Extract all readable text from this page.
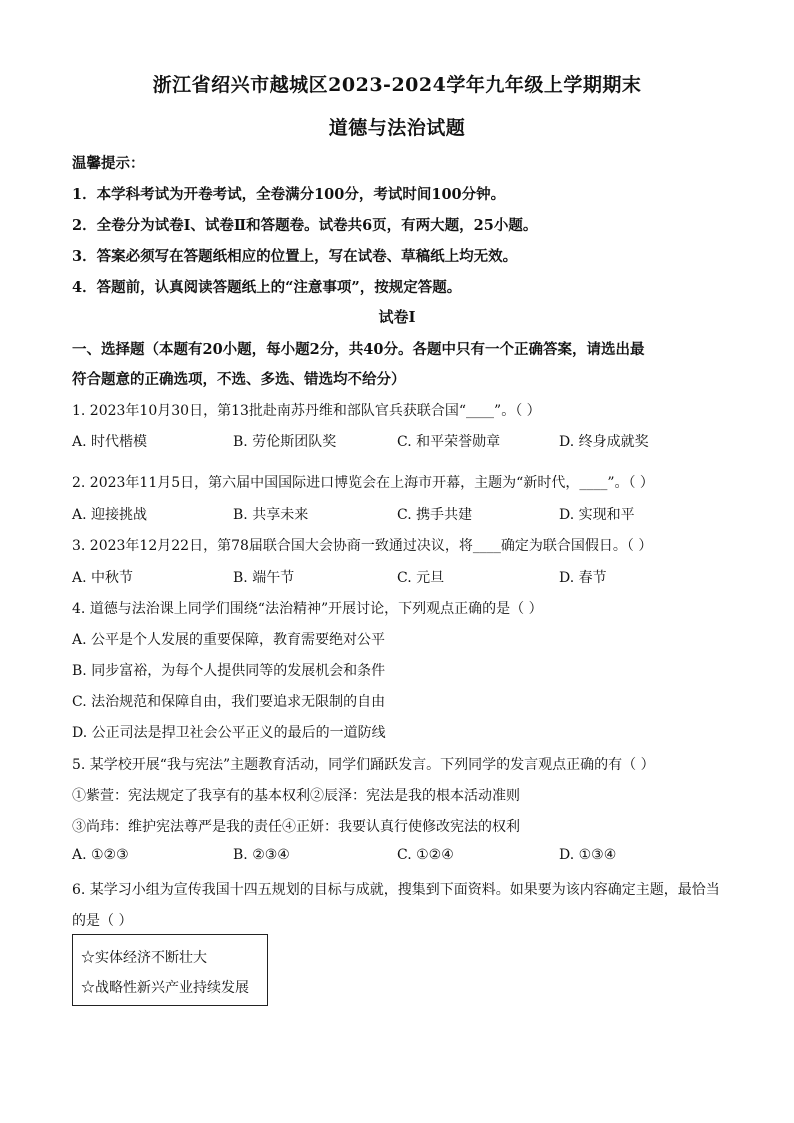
浙江省绍兴市越城区2023-2024学年九年级上学期期末
道德与法治试题
温馨提示：
1．本学科考试为开卷考试，全卷满分100分，考试时间100分钟。
2．全卷分为试卷Ⅰ、试卷Ⅱ和答题卷。试卷共6页，有两大题，25小题。
3．答案必须写在答题纸相应的位置上，写在试卷、草稿纸上均无效。
4．答题前，认真阅读答题纸上的“注意事项”，按规定答题。
试卷Ⅰ
一、选择题（本题有20小题，每小题2分，共40分。各题中只有一个正确答案，请选出最
符合题意的正确选项，不选、多选、错选均不给分）
1. 2023年10月30日，第13批赴南苏丹维和部队官兵获联合国“____”。（ ）
A. 时代楷模	B. 劳伦斯团队奖	C. 和平荣誉勋章	D. 终身成就奖
2. 2023年11月5日，第六届中国国际进口博览会在上海市开幕，主题为“新时代，____”。（ ）
A. 迎接挑战	B. 共享未来	C. 携手共建	D. 实现和平
3. 2023年12月22日，第78届联合国大会协商一致通过决议，将____确定为联合国假日。（ ）
A. 中秋节	B. 端午节	C. 元旦	D. 春节
4. 道德与法治课上同学们围绕“法治精神”开展讨论，下列观点正确的是（ ）
A. 公平是个人发展的重要保障，教育需要绝对公平
B. 同步富裕，为每个人提供同等的发展机会和条件
C. 法治规范和保障自由，我们要追求无限制的自由
D. 公正司法是捍卫社会公平正义的最后的一道防线
5. 某学校开展“我与宪法”主题教育活动，同学们踊跃发言。下列同学的发言观点正确的有（ ）
①紫萱：宪法规定了我享有的基本权利②辰泽：宪法是我的根本活动准则
③尚玮：维护宪法尊严是我的责任④正妍：我要认真行使修改宪法的权利
A. ①②③	B. ②③④	C. ①②④	D. ①③④
6. 某学习小组为宣传我国十四五规划的目标与成就，搜集到下面资料。如果要为该内容确定主题，最恰当
的是（ ）
☆实体经济不断壮大
☆战略性新兴产业持续发展
